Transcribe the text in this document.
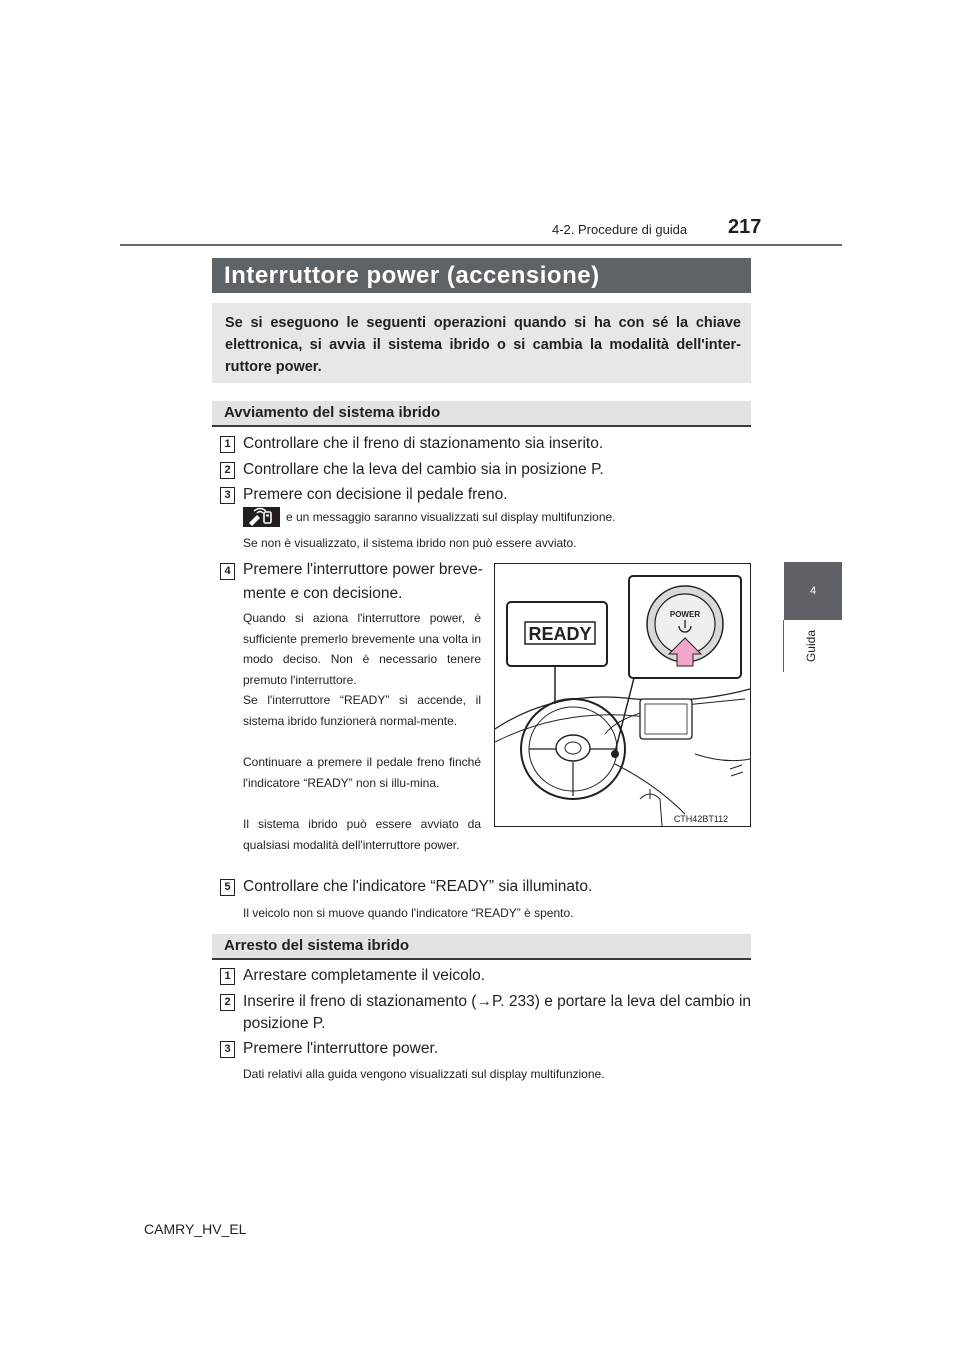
4-2. Procedure di guida 217
4
Guida
Interruttore power (accensione)
Se si eseguono le seguenti operazioni quando si ha con sé la chiave elettronica, si avvia il sistema ibrido o si cambia la modalità dell'inter-ruttore power.
Avviamento del sistema ibrido
1 Controllare che il freno di stazionamento sia inserito.
2 Controllare che la leva del cambio sia in posizione P.
3 Premere con decisione il pedale freno.
e un messaggio saranno visualizzati sul display multifunzione.
Se non è visualizzato, il sistema ibrido non può essere avviato.
4 Premere l'interruttore power breve-
mente e con decisione.
Quando si aziona l'interruttore power, è sufficiente premerlo brevemente una volta in modo deciso. Non è necessario tenere premuto l'interruttore.
Se l'interruttore “READY” si accende, il sistema ibrido funzionerà normal-mente.
Continuare a premere il pedale freno finché l'indicatore “READY” non si illu-mina.
Il sistema ibrido può essere avviato da qualsiasi modalità dell'interruttore power.
READY
POWER
CTH42BT112
5 Controllare che l'indicatore “READY” sia illuminato.
Il veicolo non si muove quando l'indicatore “READY” è spento.
Arresto del sistema ibrido
1 Arrestare completamente il veicolo.
2 Inserire il freno di stazionamento (→P. 233) e portare la leva del cambio in
posizione P.
3 Premere l'interruttore power.
Dati relativi alla guida vengono visualizzati sul display multifunzione.
CAMRY_HV_EL
